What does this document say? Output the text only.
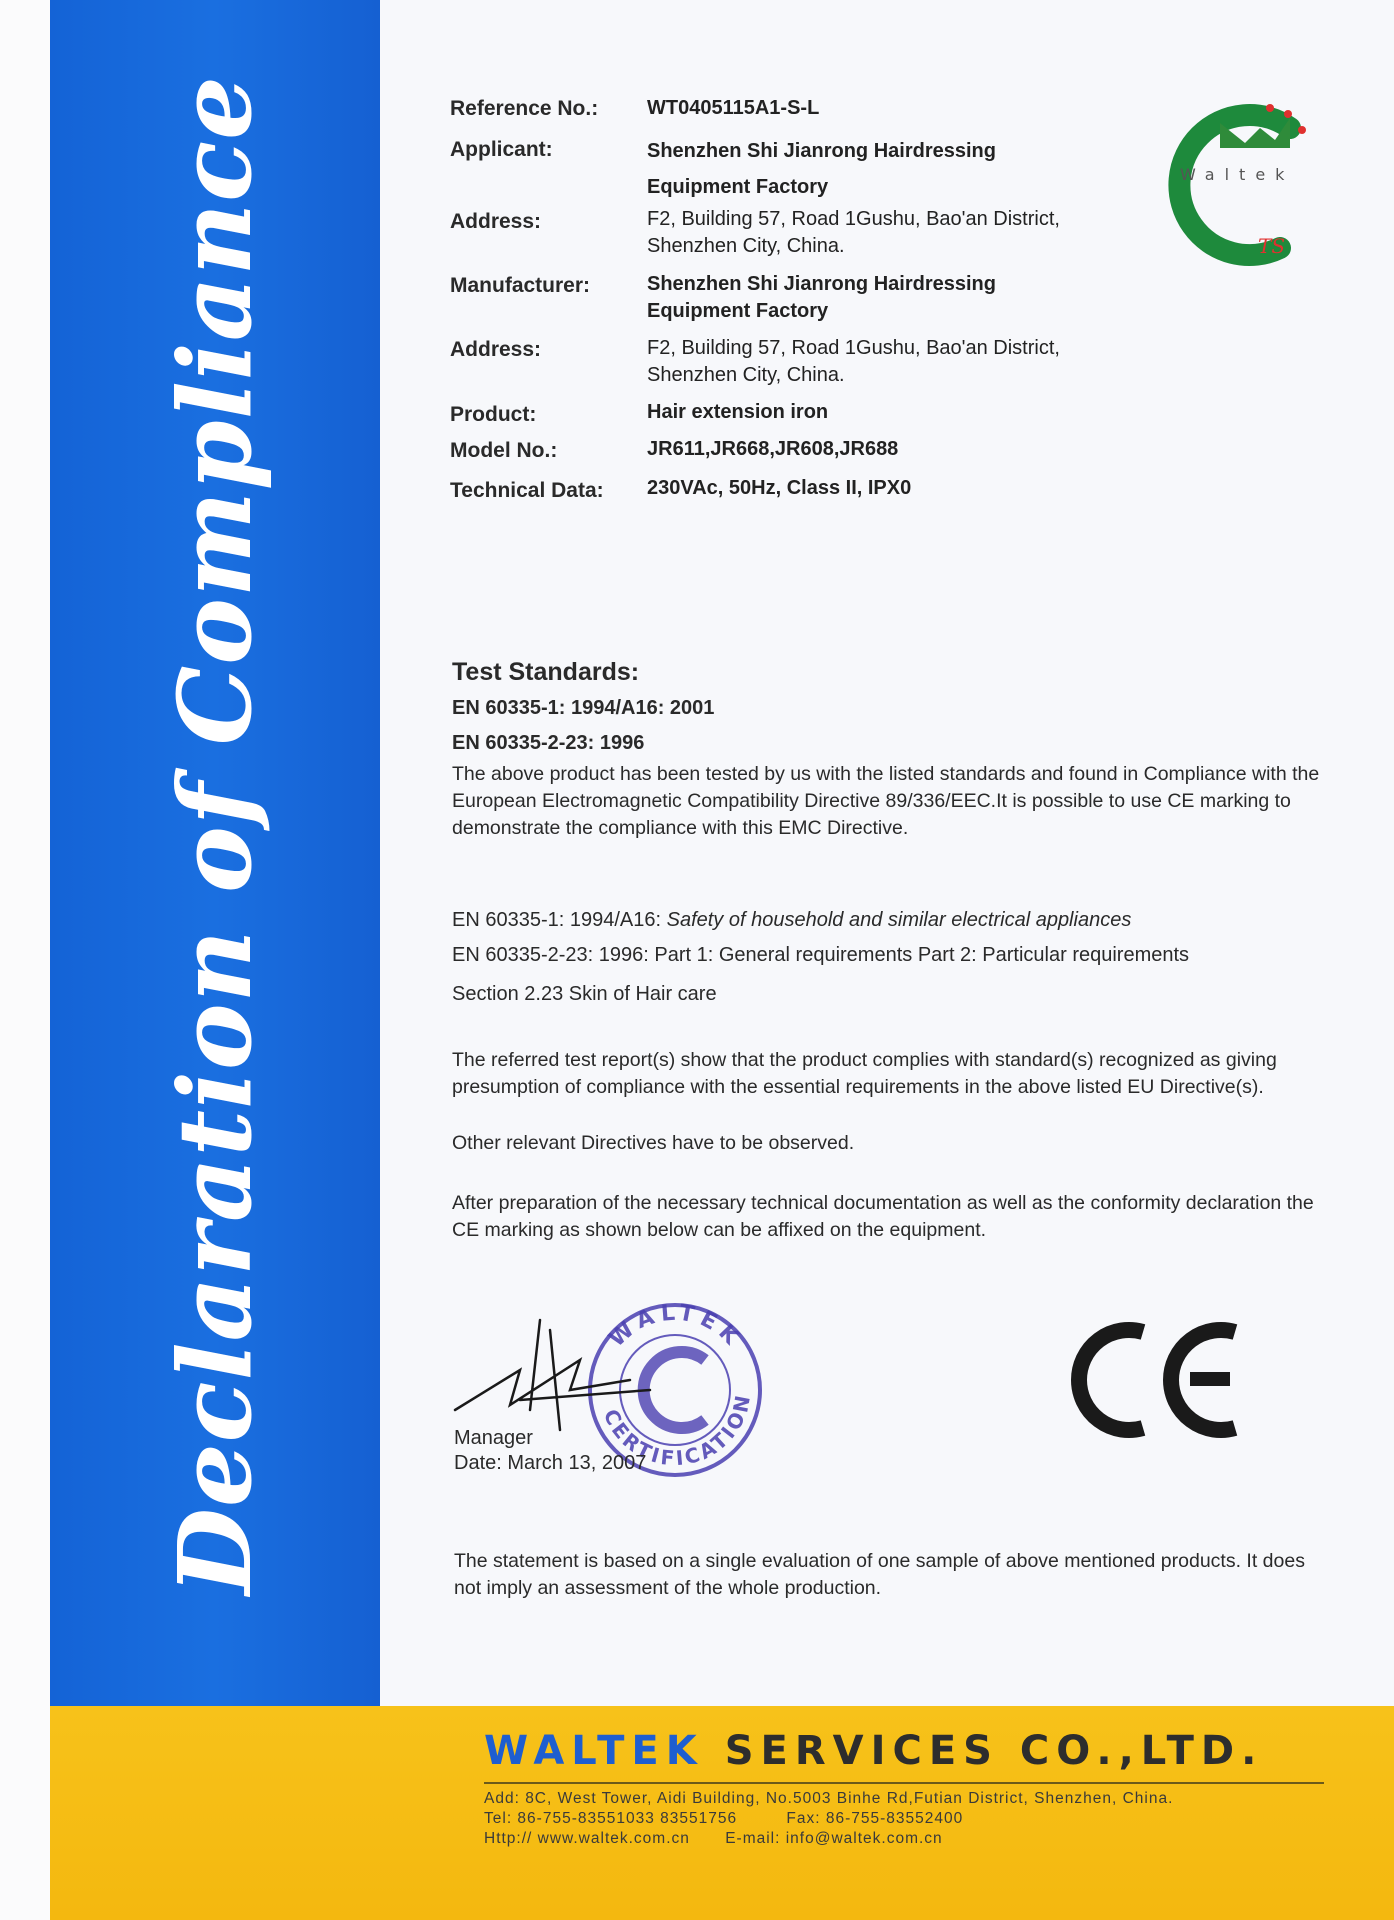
Declaration of Compliance	Reference No.: WT0405115A1-S-L
Applicant:	Shenzhen Shi Jianrong Hairdressing
Equipment Factory
Address:	F2, Building 57, Road 1Gushu, Bao'an District,
Shenzhen City, China.
Manufacturer:	Shenzhen Shi Jianrong Hairdressing
Equipment Factory
Address:	F2, Building 57, Road 1Gushu, Bao'an District,
Shenzhen City, China.
Product:	Hair extension iron
Model No.:	JR611,JR668,JR608,JR688
Technical Data: 230VAc, 50Hz, Class II, IPX0
Waltek
TS
Test Standards:
EN 60335-1: 1994/A16: 2001
EN 60335-2-23: 1996
The above product has been tested by us with the listed standards and found in Compliance with the European Electromagnetic Compatibility Directive 89/336/EEC.It is possible to use CE marking to demonstrate the compliance with this EMC Directive.
EN 60335-1: 1994/A16: Safety of household and similar electrical appliances
EN 60335-2-23: 1996: Part 1: General requirements Part 2: Particular requirements
Section 2.23 Skin of Hair care
The referred test report(s) show that the product complies with standard(s) recognized as giving presumption of compliance with the essential requirements in the above listed EU Directive(s).
Other relevant Directives have to be observed.
After preparation of the necessary technical documentation as well as the conformity declaration the CE marking as shown below can be affixed on the equipment.
WALTEK
CERTIFICATION
Manager
Date: March 13, 2007
The statement is based on a single evaluation of one sample of above mentioned products. It does not imply an assessment of the whole production.
WALTEK SERVICES CO.,LTD.
Add: 8C, West Tower, Aidi Building, No.5003 Binhe Rd,Futian District, Shenzhen, China.
Tel: 86-755-83551033 83551756	Fax: 86-755-83552400
Http:// www.waltek.com.cn E-mail: info@waltek.com.cn
